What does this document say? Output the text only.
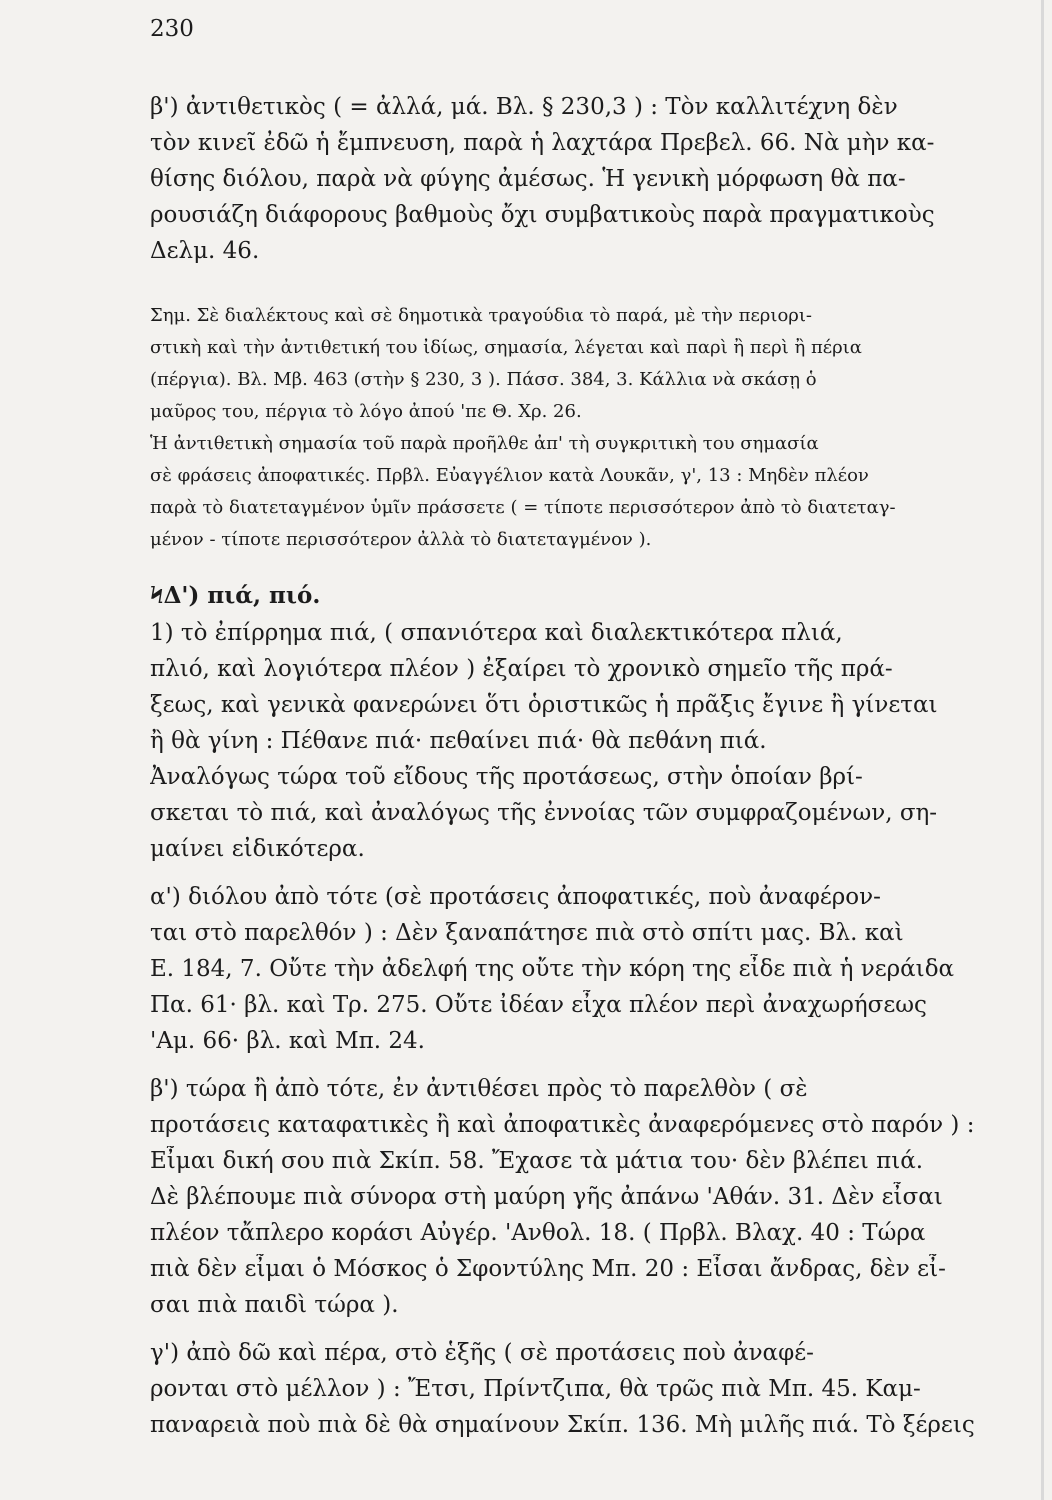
230
β') ἀντιθετικὸς ( = ἀλλά, μά. Βλ. § 230,3 ) : Τὸν καλλιτέχνη δὲν
τὸν κινεῖ ἐδῶ ἡ ἔμπνευση, παρὰ ἡ λαχτάρα Πρεβελ. 66. Νὰ μὴν κα-
θίσης διόλου, παρὰ νὰ φύγης ἀμέσως. Ἡ γενικὴ μόρφωση θὰ πα-
ρουσιάζη διάφορους βαθμοὺς ὄχι συμβατικοὺς παρὰ πραγματικοὺς
Δελμ. 46.
Σημ. Σὲ διαλέκτους καὶ σὲ δημοτικὰ τραγούδια τὸ παρά, μὲ τὴν περιορι-
στικὴ καὶ τὴν ἀντιθετική του ἰδίως, σημασία, λέγεται καὶ παρὶ ἢ περὶ ἢ πέρια
(πέργια). Βλ. Μβ. 463 (στὴν § 230, 3 ). Πάσσ. 384, 3. Κάλλια νὰ σκάσῃ ὁ
μαῦρος του, πέργια τὸ λόγο ἀπού 'πε Θ. Χρ. 26.
Ἡ ἀντιθετικὴ σημασία τοῦ παρὰ προῆλθε ἀπ' τὴ συγκριτικὴ του σημασία
σὲ φράσεις ἀποφατικές. Πρβλ. Εὐαγγέλιον κατὰ Λουκᾶν, γ', 13 : Μηδὲν πλέον
παρὰ τὸ διατεταγμένον ὑμῖν πράσσετε ( = τίποτε περισσότερον ἀπὸ τὸ διατεταγ-
μένον - τίποτε περισσότερον ἀλλὰ τὸ διατεταγμένον ).
ϞΔ') πιά, πιό.
1) τὸ ἐπίρρημα πιά, ( σπανιότερα καὶ διαλεκτικότερα πλιά,
πλιό, καὶ λογιότερα πλέον ) ἐξαίρει τὸ χρονικὸ σημεῖο τῆς πρά-
ξεως, καὶ γενικὰ φανερώνει ὅτι ὁριστικῶς ἡ πρᾶξις ἔγινε ἢ γίνεται
ἢ θὰ γίνη : Πέθανε πιά· πεθαίνει πιά· θὰ πεθάνη πιά.
Ἀναλόγως τώρα τοῦ εἴδους τῆς προτάσεως, στὴν ὁποίαν βρί-
σκεται τὸ πιά, καὶ ἀναλόγως τῆς ἐννοίας τῶν συμφραζομένων, ση-
μαίνει εἰδικότερα.
α') διόλου ἀπὸ τότε (σὲ προτάσεις ἀποφατικές, ποὺ ἀναφέρον-
ται στὸ παρελθόν ) : Δὲν ξαναπάτησε πιὰ στὸ σπίτι μας. Βλ. καὶ
Ε. 184, 7. Οὔτε τὴν ἀδελφή της οὔτε τὴν κόρη της εἶδε πιὰ ἡ νεράιδα
Πα. 61· βλ. καὶ Τρ. 275. Οὔτε ἰδέαν εἶχα πλέον περὶ ἀναχωρήσεως
'Αμ. 66· βλ. καὶ Μπ. 24.
β') τώρα ἢ ἀπὸ τότε, ἐν ἀντιθέσει πρὸς τὸ παρελθὸν ( σὲ
προτάσεις καταφατικὲς ἢ καὶ ἀποφατικὲς ἀναφερόμενες στὸ παρόν ) :
Εἶμαι δική σου πιὰ Σκίπ. 58. Ἔχασε τὰ μάτια του· δὲν βλέπει πιά.
Δὲ βλέπουμε πιὰ σύνορα στὴ μαύρη γῆς ἀπάνω 'Αθάν. 31. Δὲν εἶσαι
πλέον τἄπλερο κοράσι Αὐγέρ. 'Ανθολ. 18. ( Πρβλ. Βλαχ. 40 : Τώρα
πιὰ δὲν εἶμαι ὁ Μόσκος ὁ Σφοντύλης Μπ. 20 : Εἶσαι ἄνδρας, δὲν εἶ-
σαι πιὰ παιδὶ τώρα ).
γ') ἀπὸ δῶ καὶ πέρα, στὸ ἑξῆς ( σὲ προτάσεις ποὺ ἀναφέ-
ρονται στὸ μέλλον ) : Ἔτσι, Πρίντζιπα, θὰ τρῶς πιὰ Μπ. 45. Καμ-
παναρειὰ ποὺ πιὰ δὲ θὰ σημαίνουν Σκίπ. 136. Μὴ μιλῆς πιά. Τὸ ξέρεις
